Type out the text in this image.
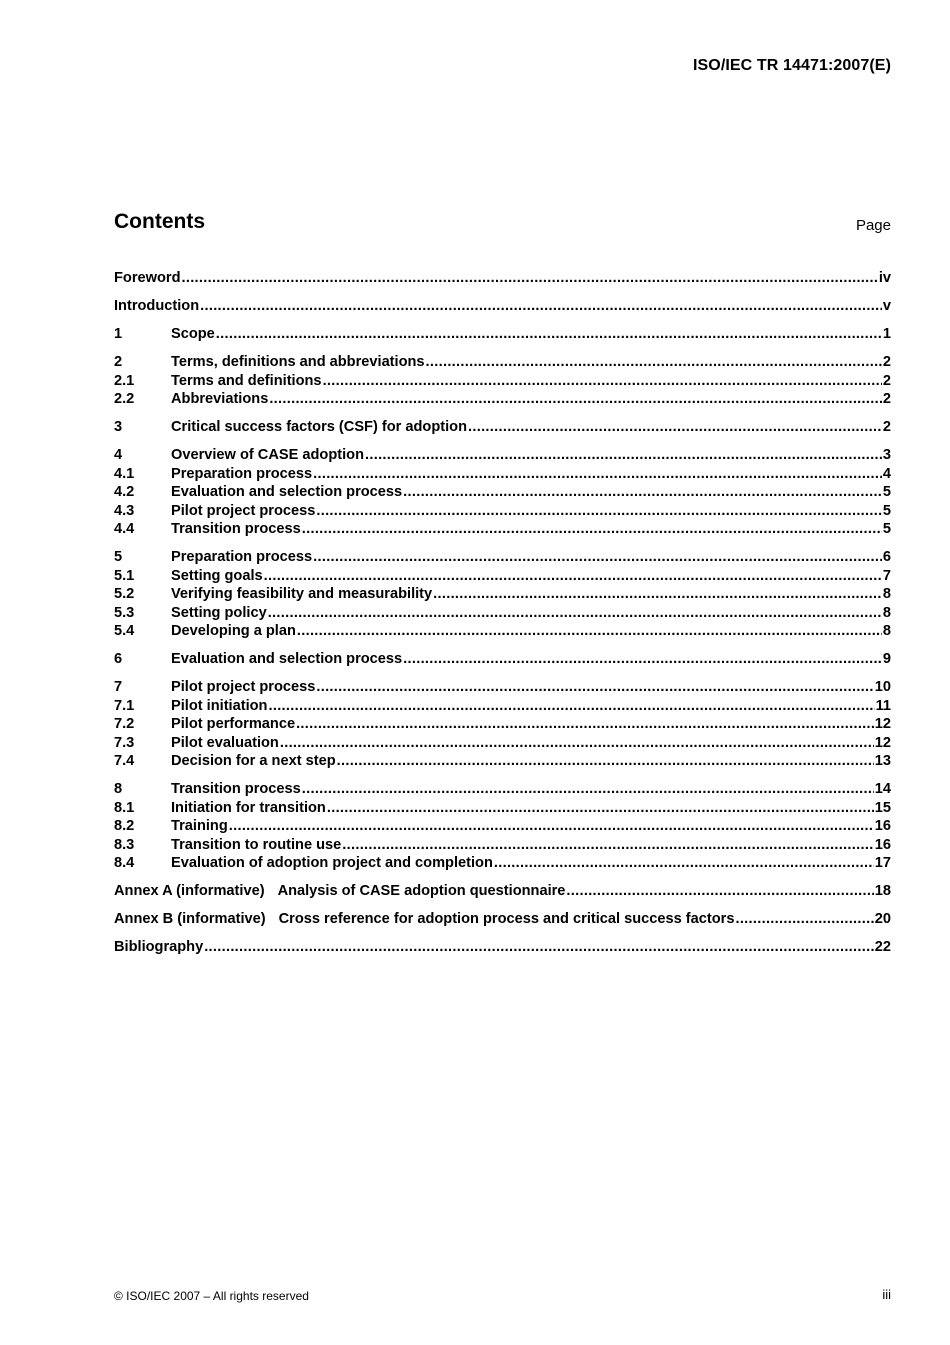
ISO/IEC TR 14471:2007(E)
Contents	Page
Foreword .....	iv
Introduction .....	v
1	Scope .....	1
2	Terms, definitions and abbreviations .....	2
2.1	Terms and definitions .....	2
2.2	Abbreviations .....	2
3	Critical success factors (CSF) for adoption .....	2
4	Overview of CASE adoption .....	3
4.1	Preparation process .....	4
4.2	Evaluation and selection process .....	5
4.3	Pilot project process .....	5
4.4	Transition process .....	5
5	Preparation process .....	6
5.1	Setting goals .....	7
5.2	Verifying feasibility and measurability .....	8
5.3	Setting policy .....	8
5.4	Developing a plan .....	8
6	Evaluation and selection process .....	9
7	Pilot project process .....	10
7.1	Pilot initiation .....	11
7.2	Pilot performance .....	12
7.3	Pilot evaluation .....	12
7.4	Decision for a next step .....	13
8	Transition process .....	14
8.1	Initiation for transition .....	15
8.2	Training .....	16
8.3	Transition to routine use .....	16
8.4	Evaluation of adoption project and completion .....	17
Annex A (informative) Analysis of CASE adoption questionnaire .....	18
Annex B (informative) Cross reference for adoption process and critical success factors .....	20
Bibliography .....	22
© ISO/IEC 2007 – All rights reserved	iii
